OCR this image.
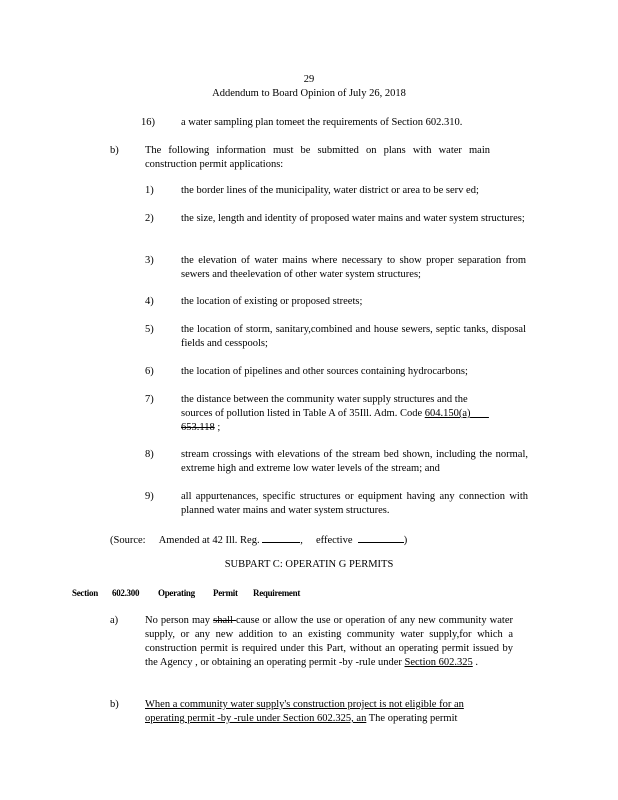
29
Addendum to Board Opinion of July 26, 2018
16) a water sampling plan tomeet the requirements of Section 602.310.
b)	The following information must be submitted on plans with water main construction permit applications:
1)	the border lines of the municipality, water district or area to be serv ed;
2)	the size, length and identity of proposed water mains and water system structures;
3)	the elevation of water mains where necessary to show proper separation from sewers and theelevation of other water system structures;
4)	the location of existing or proposed streets;
5)	the location of storm, sanitary,combined and house sewers, septic tanks, disposal fields and cesspools;
6)	the location of pipelines and other sources containing hydrocarbons;
7)	the distance between the community water supply structures and the
sources of pollution listed in Table A of 35Ill. Adm. Code 604.150(a)
653.118 ;
8)	stream crossings with elevations of the stream bed shown, including the normal, extreme high and extreme low water levels of the stream; and
9)	all appurtenances, specific structures or equipment having any connection with planned water mains and water system structures.
(Source: Amended at 42 Ill. Reg.	, effective	)
SUBPART C: OPERATIN G PERMITS
Section 602.300 Operating Permit Requirement
a)	No person may shall cause or allow the use or operation of any new community water supply, or any new addition to an existing community water supply,for which a construction permit is required under this Part, without an operating permit issued by the Agency , or obtaining an operating permit -by -rule under Section 602.325 .
b)	When a community water supply's construction project is not eligible for an
operating permit -by -rule under Section 602.325, an The operating permit
